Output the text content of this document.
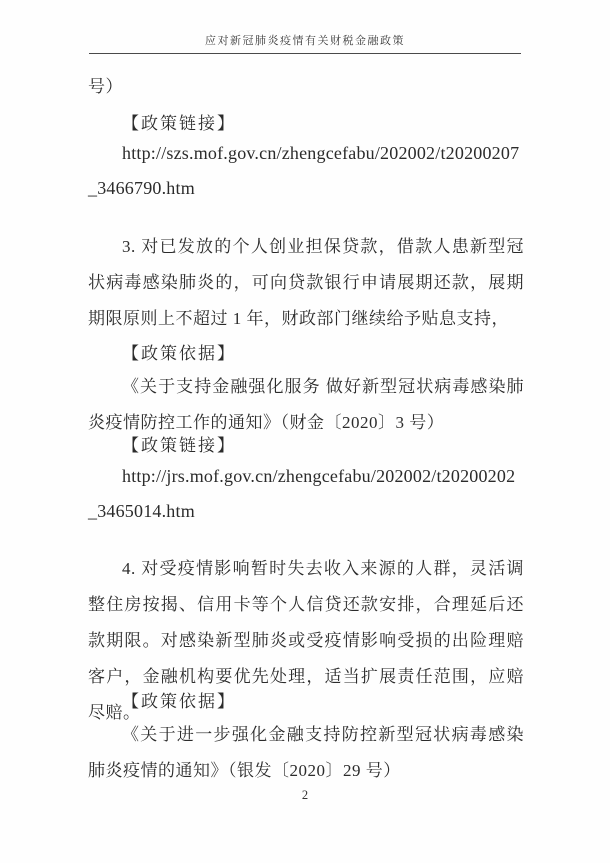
应对新冠肺炎疫情有关财税金融政策
号）
【政策链接】
http://szs.mof.gov.cn/zhengcefabu/202002/t20200207_3466790.htm
3. 对已发放的个人创业担保贷款，借款人患新型冠状病毒感染肺炎的，可向贷款银行申请展期还款，展期期限原则上不超过 1 年，财政部门继续给予贴息支持，
【政策依据】
《关于支持金融强化服务 做好新型冠状病毒感染肺炎疫情防控工作的通知》（财金〔2020〕3 号）
【政策链接】
http://jrs.mof.gov.cn/zhengcefabu/202002/t20200202_3465014.htm
4. 对受疫情影响暂时失去收入来源的人群，灵活调整住房按揭、信用卡等个人信贷还款安排，合理延后还款期限。对感染新型肺炎或受疫情影响受损的出险理赔客户，金融机构要优先处理，适当扩展责任范围，应赔尽赔。
【政策依据】
《关于进一步强化金融支持防控新型冠状病毒感染肺炎疫情的通知》（银发〔2020〕29 号）
2
